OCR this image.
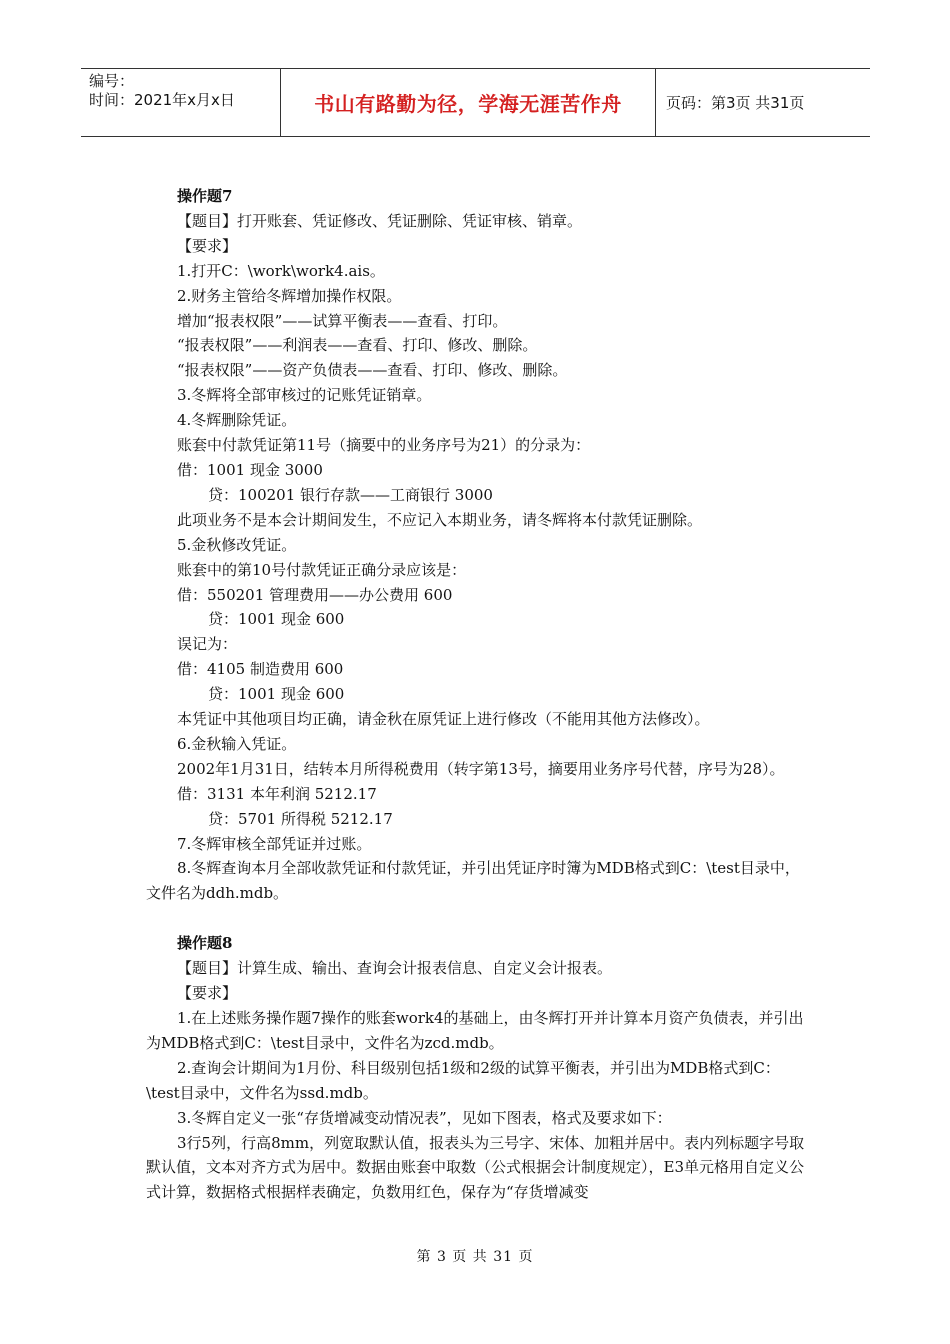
编号：
时间：2021年x月x日	书山有路勤为径，学海无涯苦作舟	页码：第3页 共31页
操作题7
【题目】打开账套、凭证修改、凭证删除、凭证审核、销章。
【要求】
1.打开C：\work\work4.ais。
2.财务主管给冬辉增加操作权限。
增加“报表权限”——试算平衡表——查看、打印。
“报表权限”——利润表——查看、打印、修改、删除。
“报表权限”——资产负债表——查看、打印、修改、删除。
3.冬辉将全部审核过的记账凭证销章。
4.冬辉删除凭证。
账套中付款凭证第11号（摘要中的业务序号为21）的分录为：
借：1001 现金 3000
贷：100201 银行存款——工商银行 3000
此项业务不是本会计期间发生，不应记入本期业务，请冬辉将本付款凭证删除。
5.金秋修改凭证。
账套中的第10号付款凭证正确分录应该是：
借：550201 管理费用——办公费用 600
贷：1001 现金 600
误记为：
借：4105 制造费用 600
贷：1001 现金 600
本凭证中其他项目均正确，请金秋在原凭证上进行修改（不能用其他方法修改）。
6.金秋输入凭证。
2002年1月31日，结转本月所得税费用（转字第13号，摘要用业务序号代替，序号为28）。
借：3131 本年利润 5212.17
贷：5701 所得税 5212.17
7.冬辉审核全部凭证并过账。
8.冬辉查询本月全部收款凭证和付款凭证，并引出凭证序时簿为MDB格式到C：\test目录中，文件名为ddh.mdb。
操作题8
【题目】计算生成、输出、查询会计报表信息、自定义会计报表。
【要求】
1.在上述账务操作题7操作的账套work4的基础上，由冬辉打开并计算本月资产负债表，并引出为MDB格式到C：\test目录中，文件名为zcd.mdb。
2.查询会计期间为1月份、科目级别包括1级和2级的试算平衡表，并引出为MDB格式到C：\test目录中，文件名为ssd.mdb。
3.冬辉自定义一张“存货增减变动情况表”，见如下图表，格式及要求如下：
3行5列，行高8mm，列宽取默认值，报表头为三号字、宋体、加粗并居中。表内列标题字号取默认值，文本对齐方式为居中。数据由账套中取数（公式根据会计制度规定），E3单元格用自定义公式计算，数据格式根据样表确定，负数用红色，保存为“存货增减变
第 3 页 共 31 页
